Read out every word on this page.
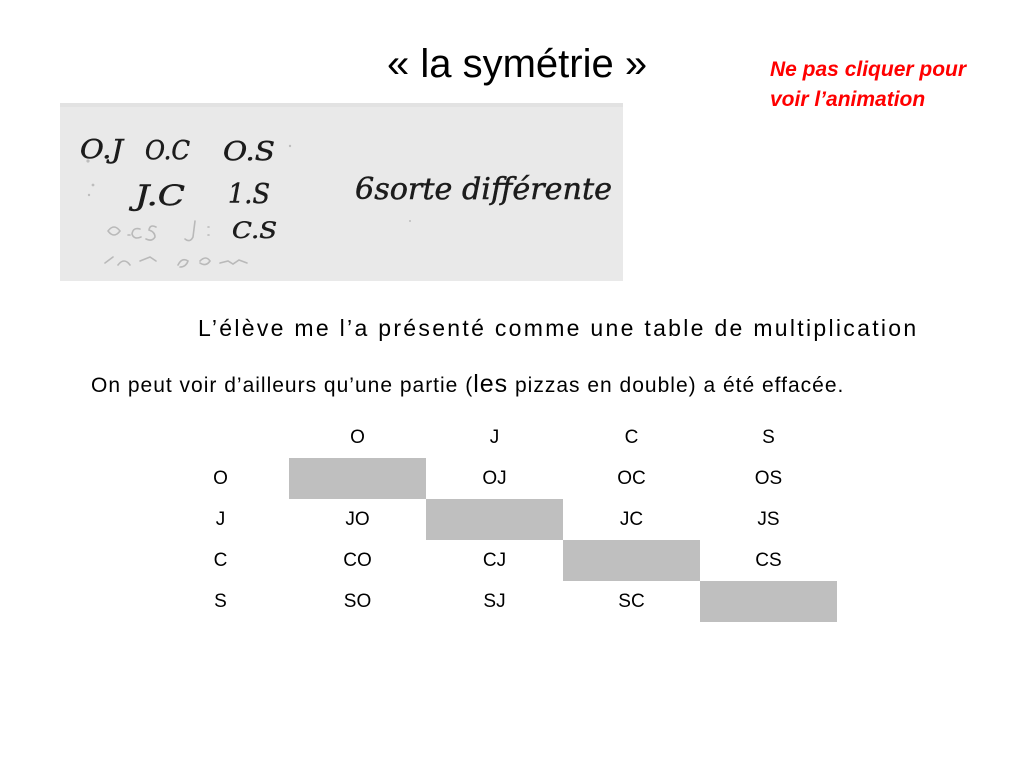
« la symétrie »	Ne pas cliquer pour
voir l’animation
O.J O.C O.S
J.C 1.S	6sorte différente
C.S
L’élève me l’a présenté comme une table de multiplication
On peut voir d’ailleurs qu’une partie (les pizzas en double) a été effacée.
	O	J	C	S
O		OJ	OC	OS
J	JO		JC	JS
C	CO	CJ		CS
S	SO	SJ	SC	
